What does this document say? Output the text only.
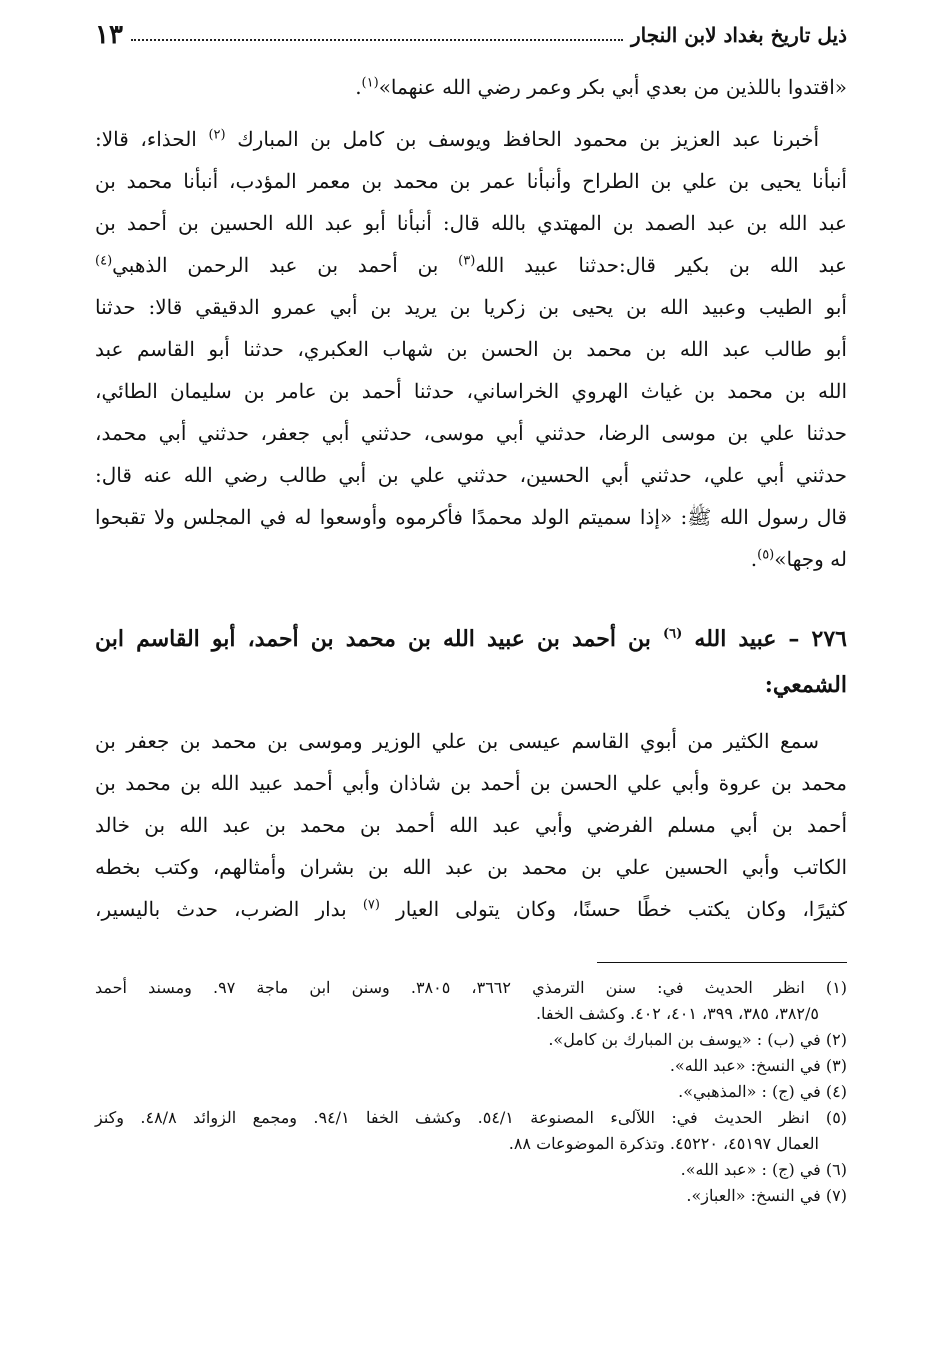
ذيل تاريخ بغداد لابن النجار
١٣
«اقتدوا باللذين من بعدي أبي بكر وعمر رضي الله عنهما»$^{(١)}$.
أخبرنا عبد العزيز بن محمود الحافظ ويوسف بن كامل بن المبارك $^{(٢)}$ الحذاء، قالا:
أنبأنا يحيى بن علي بن الطراح وأنبأنا عمر بن محمد بن معمر المؤدب، أنبأنا محمد بن
عبد الله بن عبد الصمد بن المهتدي بالله قال: أنبأنا أبو عبد الله الحسين بن أحمد بن
عبد الله بن بكير قال:حدثنا عبيد الله$^{(٣)}$ بن أحمد بن عبد الرحمن الذهبي$^{(٤)}$
أبو الطيب وعبيد الله بن يحيى بن زكريا بن يريد بن أبي عمرو الدقيقي قالا: حدثنا
أبو طالب عبد الله بن محمد بن الحسن بن شهاب العكبري، حدثنا أبو القاسم عبد
الله بن محمد بن غياث الهروي الخراساني، حدثنا أحمد بن عامر بن سليمان الطائي،
حدثنا علي بن موسى الرضا، حدثني أبي موسى، حدثني أبي جعفر، حدثني أبي محمد،
حدثني أبي علي، حدثني أبي الحسين، حدثني علي بن أبي طالب رضي الله عنه قال:
قال رسول الله ﷺ: «إذا سميتم الولد محمدًا فأكرموه وأوسعوا له في المجلس ولا تقبحوا
له وجها»$^{(٥)}$.
٢٧٦ – عبيد الله $^{(٦)}$ بن أحمد بن عبيد الله بن محمد بن أحمد، أبو القاسم ابن
الشمعي:
سمع الكثير من أبوي القاسم عيسى بن علي الوزير وموسى بن محمد بن جعفر بن
محمد بن عروة وأبي علي الحسن بن أحمد بن شاذان وأبي أحمد عبيد الله بن محمد بن
أحمد بن أبي مسلم الفرضي وأبي عبد الله أحمد بن محمد بن عبد الله بن خالد
الكاتب وأبي الحسين علي بن محمد بن عبد الله بن بشران وأمثالهم، وكتب بخطه
كثيرًا، وكان يكتب خطًا حسنًا، وكان يتولى العيار $^{(٧)}$ بدار الضرب، حدث باليسير،
(١) انظر الحديث في: سنن الترمذي ٣٦٦٢، ٣٨٠٥. وسنن ابن ماجة ٩٧. ومسند أحمد
٣٨٢/٥، ٣٨٥، ٣٩٩، ٤٠١، ٤٠٢. وكشف الخفا.
(٢) في (ب) : «يوسف بن المبارك بن كامل».
(٣) في النسخ: «عبد الله».
(٤) في (ج) : «المذهبي».
(٥) انظر الحديث في: اللآلىء المصنوعة ٥٤/١. وكشف الخفا ٩٤/١. ومجمع الزوائد ٤٨/٨. وكنز
العمال ٤٥١٩٧، ٤٥٢٢٠. وتذكرة الموضوعات ٨٨.
(٦) في (ج) : «عبد الله».
(٧) في النسخ: «العباز».
